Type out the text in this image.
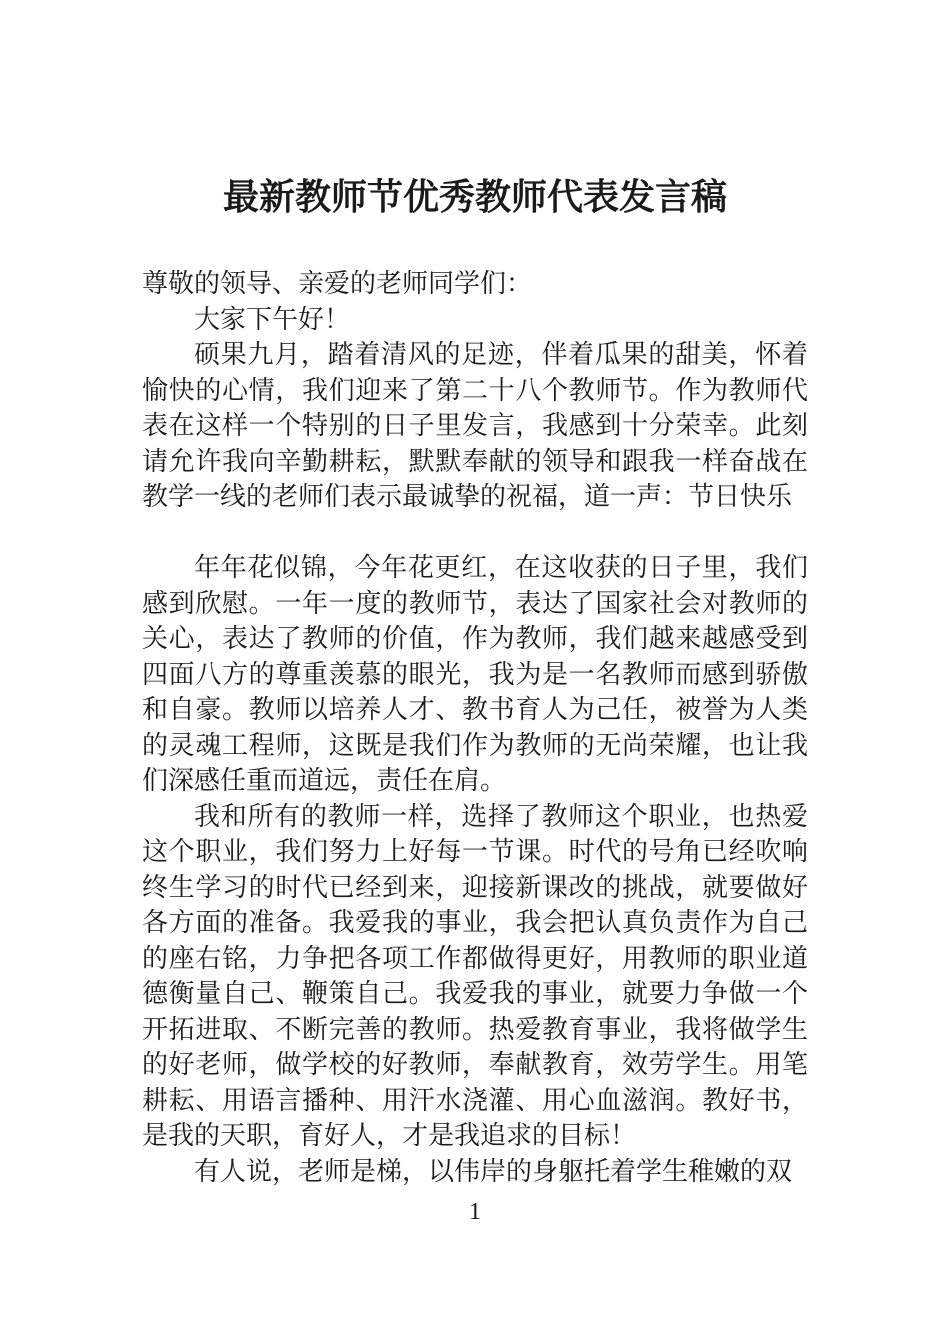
最新教师节优秀教师代表发言稿

尊敬的领导、亲爱的老师同学们：

大家下午好！

硕果九月，踏着清风的足迹，伴着瓜果的甜美，怀着愉快的心情，我们迎来了第二十八个教师节。作为教师代表在这样一个特别的日子里发言，我感到十分荣幸。此刻请允许我向辛勤耕耘，默默奉献的领导和跟我一样奋战在教学一线的老师们表示最诚挚的祝福，道一声：节日快乐

年年花似锦，今年花更红，在这收获的日子里，我们感到欣慰。一年一度的教师节，表达了国家社会对教师的关心，表达了教师的价值，作为教师，我们越来越感受到四面八方的尊重羡慕的眼光，我为是一名教师而感到骄傲和自豪。教师以培养人才、教书育人为己任，被誉为人类的灵魂工程师，这既是我们作为教师的无尚荣耀，也让我们深感任重而道远，责任在肩。

我和所有的教师一样，选择了教师这个职业，也热爱这个职业，我们努力上好每一节课。时代的号角已经吹响终生学习的时代已经到来，迎接新课改的挑战，就要做好各方面的准备。我爱我的事业，我会把认真负责作为自己的座右铭，力争把各项工作都做得更好，用教师的职业道德衡量自己、鞭策自己。我爱我的事业，就要力争做一个开拓进取、不断完善的教师。热爱教育事业，我将做学生的好老师，做学校的好教师，奉献教育，效劳学生。用笔耕耘、用语言播种、用汗水浇灌、用心血滋润。教好书，是我的天职，育好人，才是我追求的目标！

有人说，老师是梯，以伟岸的身躯托着学生稚嫩的双

1
